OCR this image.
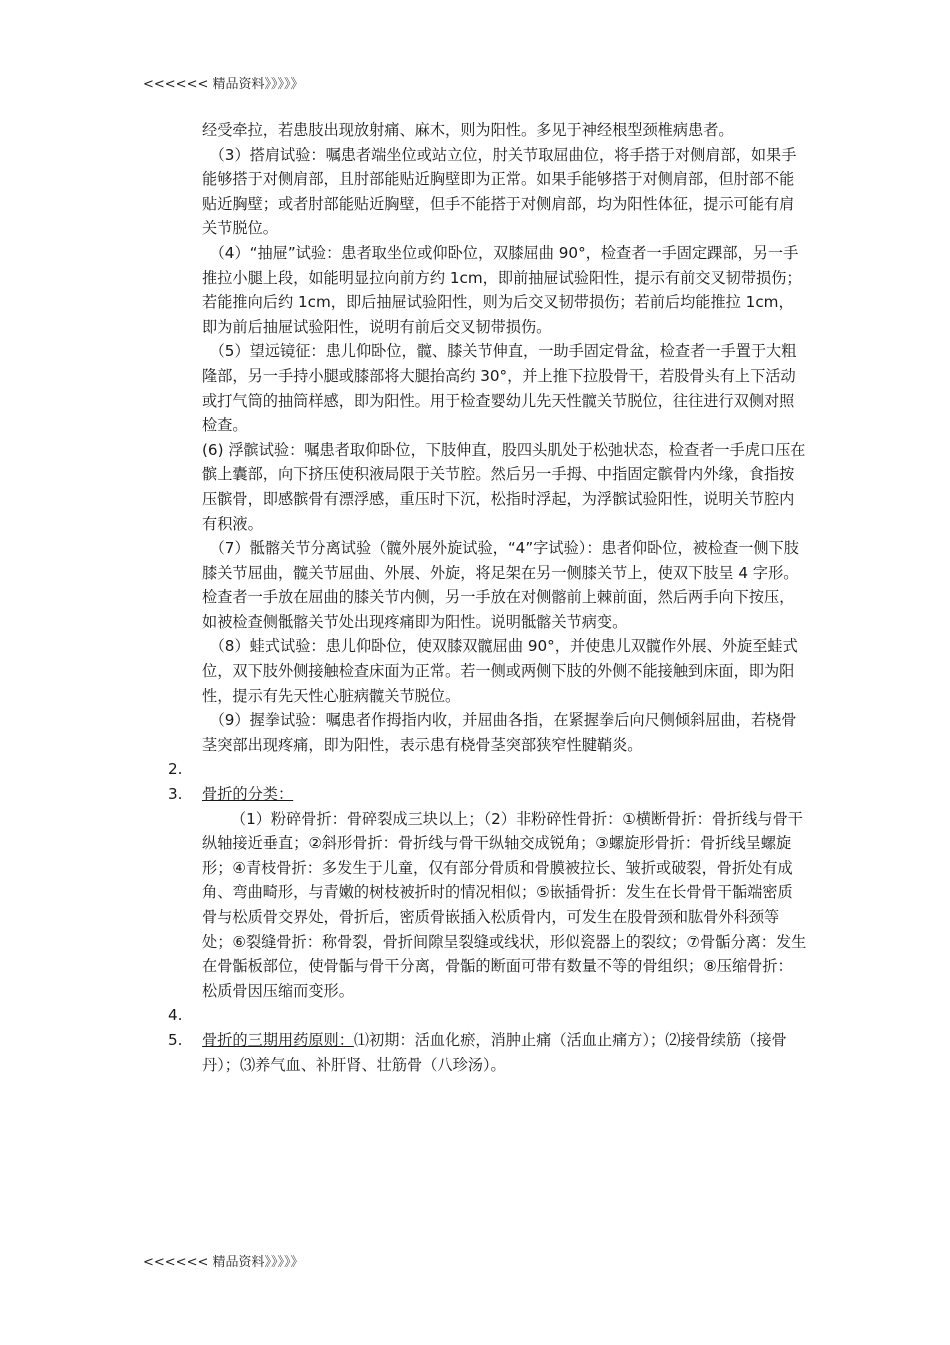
<<<<<< 精品资料》》》》》

经受牵拉，若患肢出现放射痛、麻木，则为阳性。多见于神经根型颈椎病患者。

（3）搭肩试验：嘱患者端坐位或站立位，肘关节取屈曲位，将手搭于对侧肩部，如果手能够搭于对侧肩部，且肘部能贴近胸壁即为正常。如果手能够搭于对侧肩部，但肘部不能贴近胸壁；或者肘部能贴近胸壁，但手不能搭于对侧肩部，均为阳性体征，提示可能有肩关节脱位。

（4）“抽屉”试验：患者取坐位或仰卧位，双膝屈曲 90°，检查者一手固定踝部，另一手推拉小腿上段，如能明显拉向前方约 1cm，即前抽屉试验阳性，提示有前交叉韧带损伤；若能推向后约 1cm，即后抽屉试验阳性，则为后交叉韧带损伤；若前后均能推拉 1cm，即为前后抽屉试验阳性，说明有前后交叉韧带损伤。

（5）望远镜征：患儿仰卧位，髋、膝关节伸直，一助手固定骨盆，检查者一手置于大粗隆部，另一手持小腿或膝部将大腿抬高约 30°，并上推下拉股骨干，若股骨头有上下活动或打气筒的抽筒样感，即为阳性。用于检查婴幼儿先天性髋关节脱位，往往进行双侧对照检查。

(6) 浮髌试验：嘱患者取仰卧位，下肢伸直，股四头肌处于松弛状态，检查者一手虎口压在髌上囊部，向下挤压使积液局限于关节腔。然后另一手拇、中指固定髌骨内外缘，食指按压髌骨，即感髌骨有漂浮感，重压时下沉，松指时浮起，为浮髌试验阳性，说明关节腔内有积液。

（7）骶髂关节分离试验（髋外展外旋试验，“4”字试验）：患者仰卧位，被检查一侧下肢膝关节屈曲，髋关节屈曲、外展、外旋，将足架在另一侧膝关节上，使双下肢呈 4 字形。检查者一手放在屈曲的膝关节内侧，另一手放在对侧髂前上棘前面，然后两手向下按压，如被检查侧骶髂关节处出现疼痛即为阳性。说明骶髂关节病变。

（8）蛙式试验：患儿仰卧位，使双膝双髋屈曲 90°，并使患儿双髋作外展、外旋至蛙式位，双下肢外侧接触检查床面为正常。若一侧或两侧下肢的外侧不能接触到床面，即为阳性，提示有先天性心脏病髋关节脱位。

（9）握拳试验：嘱患者作拇指内收，并屈曲各指，在紧握拳后向尺侧倾斜屈曲，若桡骨茎突部出现疼痛，即为阳性，表示患有桡骨茎突部狭窄性腱鞘炎。

2.

3. 骨折的分类：

（1）粉碎骨折：骨碎裂成三块以上；（2）非粉碎性骨折：①横断骨折：骨折线与骨干纵轴接近垂直；②斜形骨折：骨折线与骨干纵轴交成锐角；③螺旋形骨折：骨折线呈螺旋形；④青枝骨折：多发生于儿童，仅有部分骨质和骨膜被拉长、皱折或破裂，骨折处有成角、弯曲畸形，与青嫩的树枝被折时的情况相似；⑤嵌插骨折：发生在长骨骨干骺端密质骨与松质骨交界处，骨折后，密质骨嵌插入松质骨内，可发生在股骨颈和肱骨外科颈等处；⑥裂缝骨折：称骨裂，骨折间隙呈裂缝或线状，形似瓷器上的裂纹；⑦骨骺分离：发生在骨骺板部位，使骨骺与骨干分离，骨骺的断面可带有数量不等的骨组织；⑧压缩骨折：松质骨因压缩而变形。

4.

5. 骨折的三期用药原则：⑴初期：活血化瘀，消肿止痛（活血止痛方）；⑵接骨续筋（接骨丹）；⑶养气血、补肝肾、壮筋骨（八珍汤）。

<<<<<< 精品资料》》》》》
